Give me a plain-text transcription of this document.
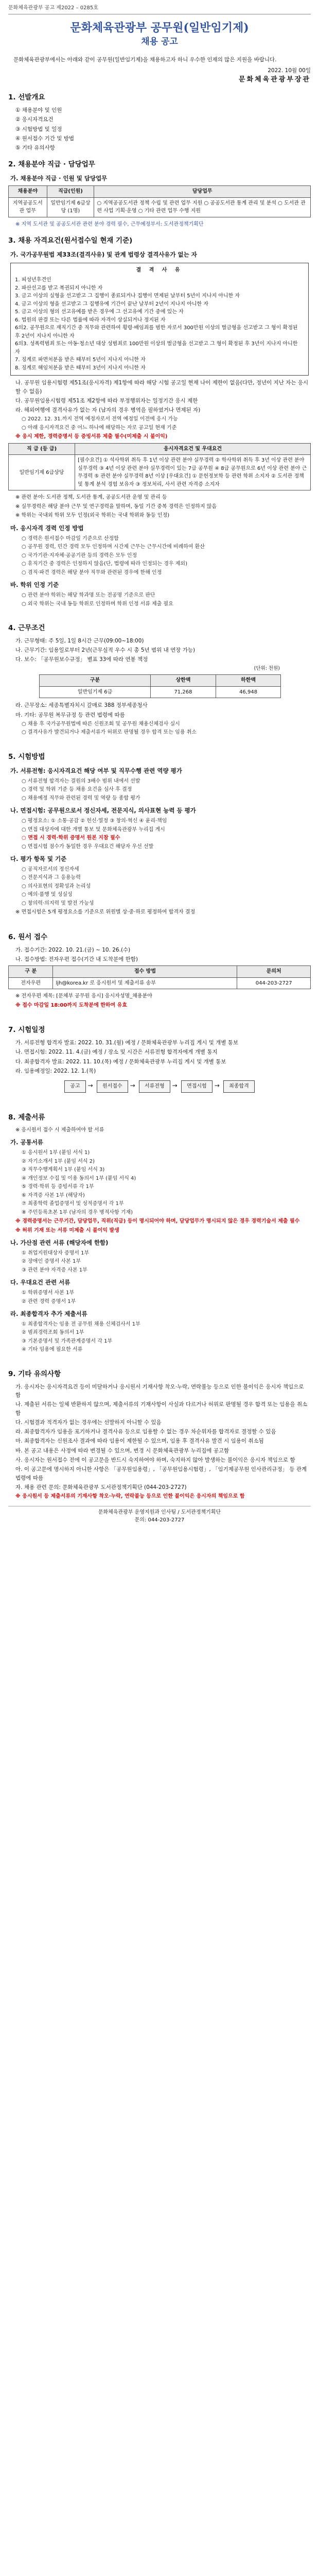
문화체육관광부 공고 제2022 – 0285호
문화체육관광부 공무원(일반임기제)
채용 공고

문화체육관광부에서는 아래와 같이 공무원(일반임기제)을 채용하고자 하니 우수한 인재의 많은 지원을 바랍니다.

2022. 10월 00일
문화체육관광부장관
1. 선발개요
① 채용분야 및 인원
② 응시자격요건
③ 시험방법 및 일정
④ 원서접수 기간 및 방법
⑤ 기타 유의사항
2. 채용분야 직급 · 담당업무
가. 채용분야 직급 · 인원 및 담당업무
채용분야	직급(인원)	담당업무
지역공공도서관 업무	일반임기제 6급상당 (1명)	○ 지역공공도서관 정책 수립 및 관련 업무 지원 ○ 공공도서관 통계 관리 및 분석 ○ 도서관 관련 사업 기획·운영 ○ 기타 관련 업무 수행 지원
※ 지역 도서관 및 공공도서관 관련 분야 경력 필수, 근무예정부서: 도서관정책기획단
3. 채용 자격요건(원서접수일 현재 기준)
가. 국가공무원법 제33조(결격사유) 및 관계 법령상 결격사유가 없는 자
결 격 사 유
1. 피성년후견인
2. 파산선고를 받고 복권되지 아니한 자
3. 금고 이상의 실형을 선고받고 그 집행이 종료되거나 집행이 면제된 날부터 5년이 지나지 아니한 자
4. 금고 이상의 형을 선고받고 그 집행유예 기간이 끝난 날부터 2년이 지나지 아니한 자
5. 금고 이상의 형의 선고유예를 받은 경우에 그 선고유예 기간 중에 있는 자
6. 법원의 판결 또는 다른 법률에 따라 자격이 상실되거나 정지된 자
6의2. 공무원으로 재직기간 중 직무와 관련하여 횡령·배임죄를 범한 자로서 300만원 이상의 벌금형을 선고받고 그 형이 확정된 후 2년이 지나지 아니한 자
6의3. 성폭력범죄 또는 아동·청소년 대상 성범죄로 100만원 이상의 벌금형을 선고받고 그 형이 확정된 후 3년이 지나지 아니한 자
7. 징계로 파면처분을 받은 때부터 5년이 지나지 아니한 자
8. 징계로 해임처분을 받은 때부터 3년이 지나지 아니한 자
나. 공무원 임용시험령 제51조(응시자격) 제1항에 따라 해당 시험 공고일 현재 나이 제한이 없음(다만, 정년이 지난 자는 응시할 수 없음)
다. 공무원임용시험령 제51조 제2항에 따라 부정행위자는 일정기간 응시 제한
라. 해외여행에 결격사유가 없는 자 (남자의 경우 병역을 필하였거나 면제된 자)
○ 2022. 12. 31.까지 전역 예정자로서 전역 예정일 이전에 응시 가능
○ 아래 응시자격요건 중 어느 하나에 해당하는 자로 공고일 현재 기준
※ 응시 제한, 경력증명서 등 증빙서류 제출 필수(미제출 시 불이익)
직 급 (등 급)	응시자격요건 및 우대요건
일반임기제 6급상당	[필수요건] ① 석사학위 취득 후 1년 이상 관련 분야 실무경력 ② 학사학위 취득 후 3년 이상 관련 분야 실무경력 ③ 4년 이상 관련 분야 실무경력이 있는 7급 공무원 ④ 8급 공무원으로 6년 이상 관련 분야 근무경력 ⑤ 관련 분야 실무경력 8년 이상 [우대요건] ① 문헌정보학 등 관련 학위 소지자 ② 도서관 정책 및 통계 분석 경험 보유자 ③ 정보처리, 사서 관련 자격증 소지자
※ 관련 분야: 도서관 정책, 도서관 통계, 공공도서관 운영 및 관리 등
※ 실무경력은 해당 분야 근무 및 연구경력을 말하며, 동일 기간 중복 경력은 인정하지 않음
※ 학위는 국내외 학위 모두 인정(외국 학위는 국내 학위와 동등 인정)
마. 응시자격 경력 인정 방법
○ 경력은 원서접수 마감일 기준으로 산정함
○ 공무원 경력, 민간 경력 모두 인정하며 시간제 근무는 근무시간에 비례하여 환산
○ 국가기관·지자체·공공기관 등의 경력은 모두 인정
○ 휴직기간 중 경력은 인정하지 않음(단, 법령에 따라 인정되는 경우 제외)
○ 겸직·파견 경력은 해당 분야 직무와 관련된 경우에 한해 인정
바. 학위 인정 기준
○ 관련 분야 학위는 해당 학과명 또는 전공명 기준으로 판단
○ 외국 학위는 국내 동등 학위로 인정하며 학위 인정 서류 제출 필요
4. 근무조건
가. 근무형태: 주 5일, 1일 8시간 근무(09:00~18:00)
나. 근무기간: 임용일로부터 2년(근무실적 우수 시 총 5년 범위 내 연장 가능)
다. 보수: 「공무원보수규정」 별표 33에 따라 연봉 책정
(단위: 천원)
구분	상한액	하한액
일반임기제 6급	71,268	46,948
라. 근무장소: 세종특별자치시 갈매로 388 정부세종청사
마. 기타: 공무원 복무규정 등 관련 법령에 따름
○ 채용 후 국가공무원법에 따른 신원조회 및 공무원 채용신체검사 실시
○ 결격사유가 발견되거나 제출서류가 허위로 판명될 경우 합격 또는 임용 취소
5. 시험방법
가. 서류전형: 응시자격요건 해당 여부 및 직무수행 관련 역량 평가
○ 서류전형 합격자는 결원의 3배수 범위 내에서 선발
○ 경력 및 학위 기준 등 채용 요건을 심사 후 결정
○ 채용예정 직무와 관련된 경력 및 역량 등 종합 평가
나. 면접시험: 공무원으로서 정신자세, 전문지식, 의사표현 능력 등 평가
○ 평정요소: ① 소통·공감 ② 헌신·열정 ③ 창의·혁신 ④ 윤리·책임
○ 면접 대상자에 대한 개별 통보 및 문화체육관광부 누리집 게시
○ 면접 시 경력·학위 증명서 원본 지참 필수
○ 면접시험 점수가 동일한 경우 우대요건 해당자 우선 선발
다. 평가 항목 및 기준
○ 공직자로서의 정신자세
○ 전문지식과 그 응용능력
○ 의사표현의 정확성과 논리성
○ 예의·품행 및 성실성
○ 창의력·의지력 및 발전 가능성
※ 면접시험은 5개 평정요소를 기준으로 위원별 상·중·하로 평정하여 합격자 결정
6. 원서 접수
가. 접수기간: 2022. 10. 21.(금) ~ 10. 26.(수)
나. 접수방법: 전자우편 접수(기간 내 도착분에 한함)
구 분	접수 방법	문의처
전자우편	ljh@korea.kr 로 응시원서 및 제출서류 송부	044-203-2727
※ 전자우편 제목: [문체부 공무원 응시] 응시자성명_채용분야
※ 접수 마감일 18:00까지 도착분에 한하여 유효
7. 시험일정
가. 서류전형 합격자 발표: 2022. 10. 31.(월) 예정 / 문화체육관광부 누리집 게시 및 개별 통보
나. 면접시험: 2022. 11. 4.(금) 예정 / 장소 및 시간은 서류전형 합격자에게 개별 통지
다. 최종합격자 발표: 2022. 11. 10.(목) 예정 / 문화체육관광부 누리집 게시 및 개별 통보
라. 임용예정일: 2022. 12. 1.(목)
공고 → 원서접수 → 서류전형 → 면접시험 → 최종합격
8. 제출서류
※ 응시원서 접수 시 제출하여야 할 서류
가. 공통서류
① 응시원서 1부 (붙임 서식 1)
② 자기소개서 1부 (붙임 서식 2)
③ 직무수행계획서 1부 (붙임 서식 3)
④ 개인정보 수집 및 이용 동의서 1부 (붙임 서식 4)
⑤ 경력·학위 등 증빙서류 각 1부
⑥ 자격증 사본 1부 (해당자)
⑦ 최종학력 졸업증명서 및 성적증명서 각 1부
⑧ 주민등록초본 1부 (남자의 경우 병적사항 기재)
※ 경력증명서는 근무기간, 담당업무, 직위(직급) 등이 명시되어야 하며, 담당업무가 명시되지 않은 경우 경력기술서 제출 필수
※ 허위 기재 또는 서류 미제출 시 불이익 발생
나. 가산점 관련 서류 (해당자에 한함)
① 취업지원대상자 증명서 1부
② 장애인 증명서 사본 1부
③ 관련 분야 자격증 사본 1부
다. 우대요건 관련 서류
① 학위증명서 사본 1부
② 관련 경력 증명서 1부
라. 최종합격자 추가 제출서류
① 최종합격자는 임용 전 공무원 채용 신체검사서 1부
② 범죄경력조회 동의서 1부
③ 기본증명서 및 가족관계증명서 각 1부
④ 기타 임용에 필요한 서류
9. 기타 유의사항
가. 응시자는 응시자격요건 등이 미달하거나 응시원서 기재사항 착오·누락, 연락불능 등으로 인한 불이익은 응시자 책임으로 함
나. 제출된 서류는 일체 반환하지 않으며, 제출서류의 기재사항이 사실과 다르거나 허위로 판명될 경우 합격 또는 임용을 취소함
다. 시험결과 적격자가 없는 경우에는 선발하지 아니할 수 있음
라. 최종합격자가 임용을 포기하거나 결격사유 등으로 임용할 수 없는 경우 차순위자를 합격자로 결정할 수 있음
마. 최종합격자는 신원조사 결과에 따라 임용이 제한될 수 있으며, 임용 후 결격사유 발견 시 임용이 취소됨
바. 본 공고 내용은 사정에 따라 변경될 수 있으며, 변경 시 문화체육관광부 누리집에 공고함
사. 응시자는 원서접수 전에 이 공고문을 반드시 숙지하여야 하며, 숙지하지 않아 발생하는 불이익은 응시자 책임으로 함
아. 이 공고문에 명시하지 아니한 사항은 「공무원임용령」, 「공무원임용시험령」, 「임기제공무원 인사관리규정」 등 관계 법령에 따름
자. 채용 관련 문의: 문화체육관광부 도서관정책기획단 (044-203-2727)
※ 응시원서 등 제출서류의 기재사항 착오·누락, 연락불능 등으로 인한 불이익은 응시자의 책임으로 함
문화체육관광부 운영지원과 인사팀 / 도서관정책기획단
문의: 044-203-2727
